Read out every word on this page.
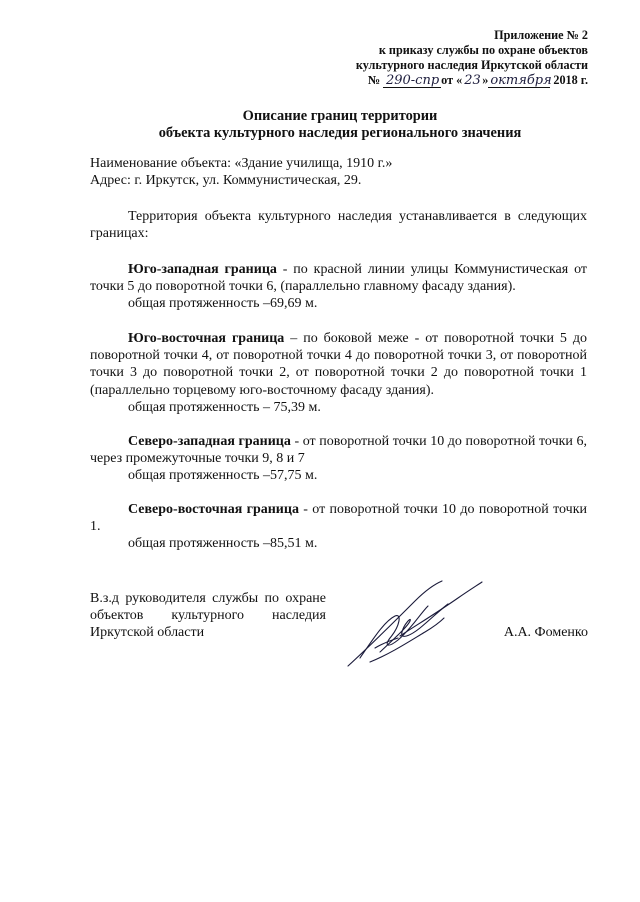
Приложение № 2
к приказу службы по охране объектов
культурного наследия Иркутской области
№ 290-спр от « 23» октября 2018 г.
Описание границ территории
объекта культурного наследия регионального значения
Наименование объекта: «Здание училища, 1910 г.»
Адрес: г. Иркутск, ул. Коммунистическая, 29.
Территория объекта культурного наследия устанавливается в следующих границах:
Юго-западная граница - по красной линии улицы Коммунистическая от точки 5 до поворотной точки 6, (параллельно главному фасаду здания).
общая протяженность –69,69 м.
Юго-восточная граница – по боковой меже - от поворотной точки 5 до поворотной точки 4, от поворотной точки 4 до поворотной точки 3, от поворотной точки 3 до поворотной точки 2, от поворотной точки 2 до поворотной точки 1 (параллельно торцевому юго-восточному фасаду здания).
общая протяженность – 75,39 м.
Северо-западная граница - от поворотной точки 10 до поворотной точки 6, через промежуточные точки 9, 8 и 7
общая протяженность –57,75 м.
Северо-восточная граница - от поворотной точки 10 до поворотной точки 1.
общая протяженность –85,51 м.
В.з.д руководителя службы по охране объектов культурного наследия Иркутской области	А.А. Фоменко
